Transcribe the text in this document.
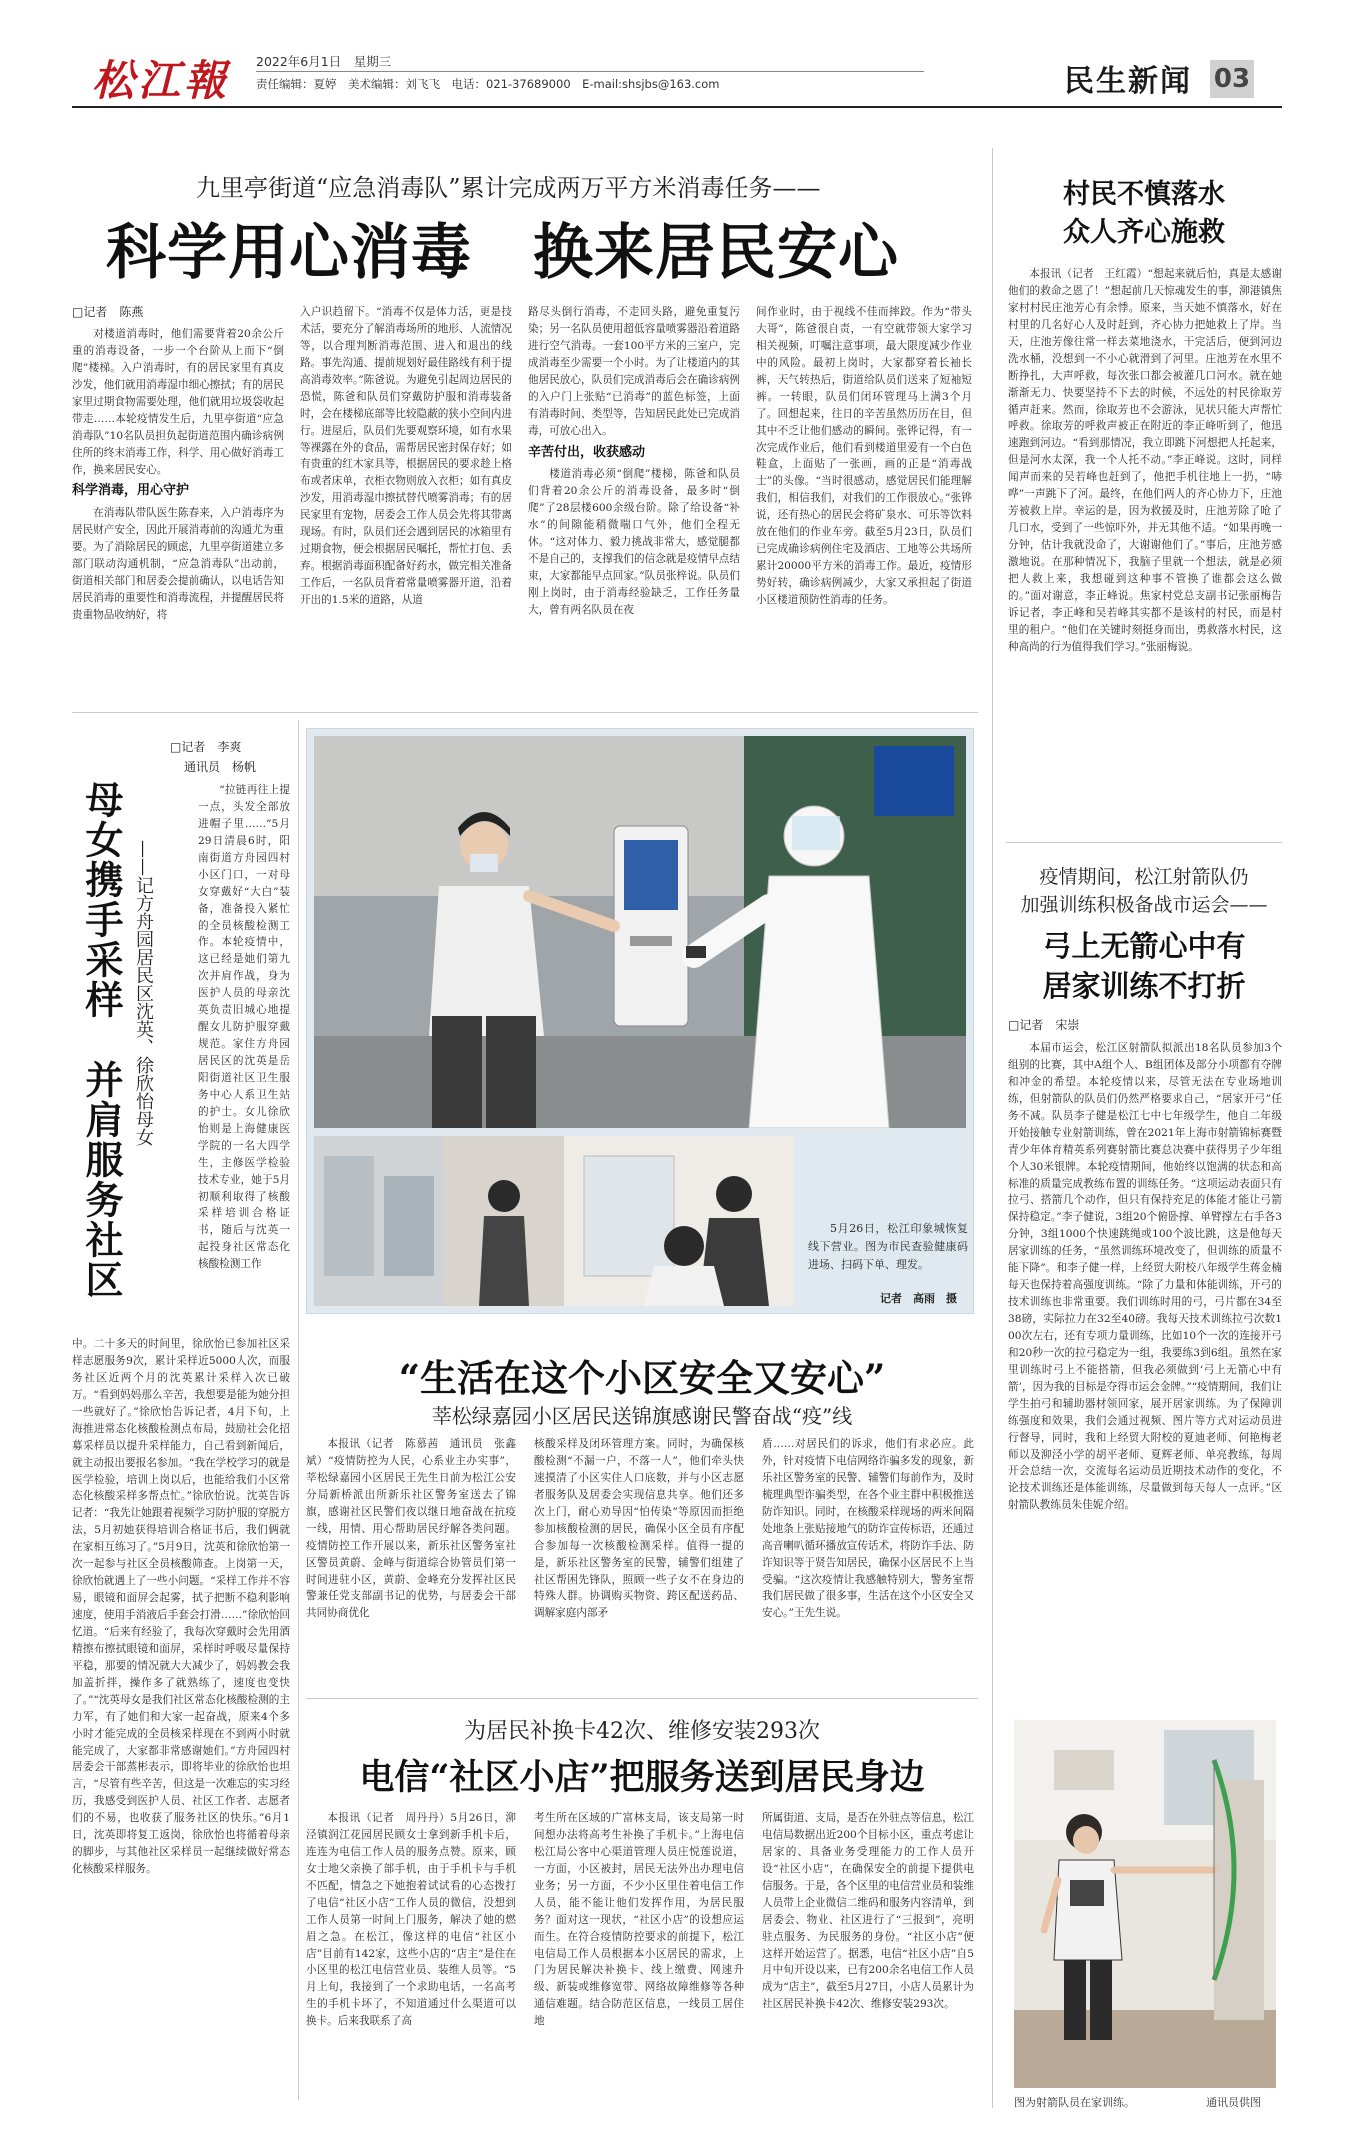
松江報 2022年6月1日　星期三
责任编辑：夏婷　美术编辑：刘飞飞　电话：021-37689000　E-mail:shsjbs@163.com	民生新闻 03
九里亭街道“应急消毒队”累计完成两万平方米消毒任务——
科学用心消毒　换来居民安心
□记者　陈燕

对楼道消毒时，他们需要背着20余公斤重的消毒设备，一步一个台阶从上而下“倒爬”楼梯。入户消毒时，有的居民家里有真皮沙发，他们就用消毒湿巾细心擦拭；有的居民家里过期食物需要处理，他们就用垃圾袋收起带走……本轮疫情发生后，九里亭街道“应急消毒队”10名队员担负起街道范围内确诊病例住所的终末消毒工作，科学、用心做好消毒工作，换来居民安心。

科学消毒，用心守护

在消毒队带队医生陈春来，入户消毒序为居民财产安全，因此开展消毒前的沟通尤为重要。为了消除居民的顾虑，九里亭街道建立多部门联动沟通机制，“应急消毒队”出动前，街道相关部门和居委会提前确认，以电话告知居民消毒的重要性和消毒流程，并提醒居民将贵重物品收纳好，将

入户识趋留下。“消毒不仅是体力活，更是技术活，要充分了解消毒场所的地形、人流情况等，以合理判断消毒范围、进入和退出的线路。事先沟通、提前规划好最佳路线有利于提高消毒效率。”陈爸说。为避免引起周边居民的恐慌，陈爸和队员们穿戴防护服和消毒装备时，会在楼梯底部等比较隐蔽的狭小空间内进行。进屋后，队员们先要观察环境，如有水果等裸露在外的食品，需帮居民密封保存好；如有贵重的红木家具等，根据居民的要求趁上格布或者床单，衣柜衣物则放入衣柜；如有真皮沙发，用消毒湿巾擦拭替代喷雾消毒；有的居民家里有宠物，居委会工作人员会先将其带离现场。有时，队员们还会遇到居民的冰箱里有过期食物，便会根据居民嘱托，帮忙打包、丢弃。根据消毒面积配备好药水，做完相关准备工作后，一名队员背着常量喷雾器开道，沿着开出的1.5米的道路，从道

路尽头倒行消毒，不走回头路，避免重复污染；另一名队员使用超低容量喷雾器沿着道路进行空气消毒。一套100平方米的三室户，完成消毒至少需要一个小时。为了让楼道内的其他居民放心，队员们完成消毒后会在确诊病例的入户门上张贴“已消毒”的蓝色标签，上面有消毒时间、类型等，告知居民此处已完成消毒，可放心出入。

辛苦付出，收获感动

楼道消毒必须“倒爬”楼梯，陈爸和队员们背着20余公斤的消毒设备，最多时“倒爬”了28层楼600余级台阶。除了给设备“补水”的间隙能稍微喘口气外，他们全程无休。“这对体力、毅力挑战非常大，感觉腿都不是自己的，支撑我们的信念就是疫情早点结束，大家都能早点回家。”队员张梓说。队员们刚上岗时，由于消毒经验缺乏，工作任务量大，曾有两名队员在夜

间作业时，由于视线不佳而摔跤。作为“带头大哥”，陈爸很自责，一有空就带领大家学习相关视频，叮嘱注意事项，最大限度减少作业中的风险。最初上岗时，大家都穿着长袖长裤，天气转热后，街道给队员们送来了短袖短裤。一转眼，队员们闭环管理马上满3个月了。回想起来，往日的辛苦虽然历历在目，但其中不乏让他们感动的瞬间。张铧记得，有一次完成作业后，他们看到楼道里爱有一个白色鞋盒，上面贴了一张画，画的正是“消毒战士”的头像。“当时很感动，感觉居民们能理解我们，相信我们，对我们的工作很放心。”张铧说，还有热心的居民会将矿泉水、可乐等饮料放在他们的作业车旁。截至5月23日，队员们已完成确诊病例住宅及酒店、工地等公共场所累计20000平方米的消毒工作。最近，疫情形势好转，确诊病例减少，大家又承担起了街道小区楼道预防性消毒的任务。

村民不慎落水
众人齐心施救

本报讯（记者　王红霞）“想起来就后怕，真是太感谢他们的救命之恩了！”想起前几天惊魂发生的事，泖港镇焦家村村民庄池芳心有余悸。原来，当天她不慎落水，好在村里的几名好心人及时赶到，齐心协力把她救上了岸。当天，庄池芳像往常一样去菜地浇水，干完活后，便到河边洗水桶，没想到一不小心就滑到了河里。庄池芳在水里不断挣扎，大声呼救，每次张口都会被灌几口河水。就在她渐渐无力、快要坚持不下去的时候，不远处的村民徐取芳循声赶来。然而，徐取芳也不会游泳，见状只能大声帮忙呼救。徐取芳的呼救声被正在附近的李正峰听到了，他迅速跑到河边。“看到那情况，我立即跳下河想把人托起来，但是河水太深，我一个人托不动。”李正峰说。这时，同样闻声而来的吴若峰也赶到了，他把手机往地上一扔，“哧哗”一声跳下了河。最终，在他们两人的齐心协力下，庄池芳被救上岸。幸运的是，因为救援及时，庄池芳除了呛了几口水，受到了一些惊吓外，并无其他不适。“如果再晚一分钟，估计我就没命了，大谢谢他们了。”事后，庄池芳感激地说。在那种情况下，我脑子里就一个想法，就是必须把人救上来，我想碰到这种事不管换了谁都会这么做的。”面对谢意，李正峰说。焦家村党总支副书记张丽梅告诉记者，李正峰和吴若峰其实都不是该村的村民，而是村里的租户。“他们在关键时刻挺身而出，勇救落水村民，这种高尚的行为值得我们学习。”张丽梅说。

疫情期间，松江射箭队仍
加强训练积极备战市运会——
弓上无箭心中有
居家训练不打折
□记者　宋崇

本届市运会，松江区射箭队拟派出18名队员参加3个组别的比赛，其中A组个人、B组团体及部分小项都有夺牌和冲金的希望。本轮疫情以来，尽管无法在专业场地训练，但射箭队的队员们仍然严格要求自己，“居家开弓”任务不减。队员李子健是松江七中七年级学生，他自二年级开始接触专业射箭训练，曾在2021年上海市射箭锦标赛暨青少年体育精英系列赛射箭比赛总决赛中获得男子少年组个人30米银牌。本轮疫情期间，他始终以饱满的状态和高标准的质量完成教练布置的训练任务。“这项运动表面只有拉弓、搭箭几个动作，但只有保持充足的体能才能让弓箭保持稳定。”李子健说，3组20个俯卧撑、单臂撑左右手各3分钟，3组1000个快速跳绳或100个波比跳，这是他每天居家训练的任务，“虽然训练环境改变了，但训练的质量不能下降”。和李子健一样，上经贸大附校八年级学生蒋金楠每天也保持着高强度训练。“除了力量和体能训练，开弓的技术训练也非常重要。我们训练时用的弓，弓片都在34至38磅，实际拉力在32至40磅。我每天技术训练拉弓次数100次左右，还有专项力量训练，比如10个一次的连接开弓和20秒一次的拉弓稳定为一组，我要练3到6组。虽然在家里训练时弓上不能搭箭，但我必须做到‘弓上无箭心中有箭’，因为我的目标是夺得市运会金牌。”“疫情期间，我们让学生拍弓和辅助器材领回家，展开居家训练。为了保障训练强度和效果，我们会通过视频、图片等方式对运动员进行督导，同时，我和上经贸大附校的夏迪老师、何艳梅老师以及泖泾小学的胡平老师、夏辉老师、单亮教练，每周开会总结一次，交流每名运动员近期技术动作的变化，不论技术训练还是体能训练，尽量做到每天每人一点评。”区射箭队教练员朱佳妮介绍。

图为射箭队员在家训练。	通讯员供图
□记者　李爽
通讯员　杨帆
母女携手采样　并肩服务社区 ——记方舟园居民区沈英、徐欣怡母女

“拉链再往上提一点，头发全部放进帽子里……”5月29日清晨6时，阳南街道方舟园四村小区门口，一对母女穿戴好“大白”装备，准备投入紧忙的全员核酸检测工作。本轮疫情中，这已经是她们第九次并肩作战，身为医护人员的母亲沈英负责旧城心地提醒女儿防护服穿戴规范。家住方舟园居民区的沈英是岳阳街道社区卫生服务中心人系卫生站的护士。女儿徐欣怡则是上海健康医学院的一名大四学生，主修医学检验技术专业，她于5月初顺利取得了核酸采样培训合格证书，随后与沈英一起投身社区常态化核酸检测工作

中。二十多天的时间里，徐欣怡已参加社区采样志愿服务9次，累计采样近5000人次，而服务社区近两个月的沈英累计采样入次已破万。“看到妈妈那么辛苦，我想要是能为她分担一些就好了。”徐欣怡告诉记者，4月下旬，上海推进常态化核酸检测点布局，鼓励社会化招募采样员以提升采样能力，自己看到新闻后，就主动报出要报名参加。“我在学校学习的就是医学检验，培训上岗以后，也能给我们小区常态化核酸采样多帮点忙。”徐欣怡说。沈英告诉记者：“我先让她跟着视频学习防护服的穿脱方法，5月初她获得培训合格证书后，我们俩就在家相互练习了。”5月9日，沈英和徐欣怡第一次一起参与社区全员核酸筛查。上岗第一天，徐欣怡就遇上了一些小问题。“采样工作并不容易，眼镜和面屏会起雾，拭子把断不稳利影响速度，使用手消液后手套会打滑……”徐欣怡回忆道。“后来有经验了，我每次穿戴时会先用酒精擦布擦拭眼镜和面屏，采样时呼吸尽量保持平稳，那要的情况就大大减少了，妈妈教会我加盖折拌，操作多了就熟练了，速度也变快了。”“沈英母女是我们社区常态化核酸检测的主力军，有了她们和大家一起奋战，原来4个多小时才能完成的全员核采样现在不到两小时就能完成了，大家都非常感谢她们。”方舟园四村居委会干部蒸彬表示，即将毕业的徐欣怡也坦言，“尽管有些辛苦，但这是一次难忘的实习经历，我感受到医护人员、社区工作者、志愿者们的不易，也收获了服务社区的快乐。”6月1日，沈英即将复工返岗，徐欣怡也将循着母亲的脚步，与其他社区采样员一起继续做好常态化核酸采样服务。

5月26日，松江印象城恢复线下营业。图为市民查验健康码进场、扫码下单、理发。

记者　高雨　摄
“生活在这个小区安全又安心”
莘松绿嘉园小区居民送锦旗感谢民警奋战“疫”线

本报讯（记者　陈慕茜　通讯员　张鑫斌）“疫情防控为人民，心系业主办实事”，莘松绿嘉园小区居民王先生日前为松江公安分局新桥派出所新乐社区警务室送去了锦旗，感谢社区民警们夜以继日地奋战在抗疫一线，用情、用心帮助居民纾解各类问题。疫情防控工作开展以来，新乐社区警务室社区警员黄蔚、金峰与街道综合协管员们第一时间进驻小区，黄蔚、金峰充分发挥社区民警兼任党支部副书记的优势，与居委会干部共同协商优化

核酸采样及闭环管理方案。同时，为确保核酸检测“不漏一户，不落一人”，他们牵头快速摸清了小区实住人口底数，并与小区志愿者服务队及居委会实现信息共享。他们还多次上门，耐心劝导因“怕传染”等原因而拒绝参加核酸检测的居民，确保小区全员有序配合参加每一次核酸检测采样。值得一提的是，新乐社区警务室的民警，辅警们组建了社区帮困先锋队，照顾一些子女不在身边的特殊人群。协调购买物资、跨区配送药品、调解家庭内部矛

盾……对居民们的诉求，他们有求必应。此外，针对疫情下电信网络诈骗多发的现象，新乐社区警务室的民警、辅警们每前作为，及时梳理典型诈骗类型，在各个业主群中积极推送防诈知识。同时，在核酸采样现场的两米间隔处地条上张贴接地气的防诈宣传标语，还通过高音喇叭循环播放宣传话术，将防诈手法、防诈知识等于贤告知居民，确保小区居民不上当受骗。“这次疫情让我感触特别大，警务室帮我们居民做了很多事，生活在这个小区安全又安心。”王先生说。

为居民补换卡42次、维修安装293次
电信“社区小店”把服务送到居民身边

本报讯（记者　周丹丹）5月26日，泖泾镇润江花园居民顾女士拿到新手机卡后，连连为电信工作人员的服务点赞。原来，顾女士地父亲换了部手机，由于手机卡与手机不匹配，情急之下她抱着试试看的心态拨打了电信“社区小店”工作人员的微信，没想到工作人员第一时间上门服务，解决了她的燃眉之急。在松江，像这样的电信“社区小店”目前有142家，这些小店的“店主”是住在小区里的松江电信营业员、装维人员等。“5月上旬，我接到了一个求助电话，一名高考生的手机卡坏了，不知道通过什么渠道可以换卡。后来我联系了高

考生所在区域的广富林支局，该支局第一时间想办法将高考生补换了手机卡。”上海电信松江局公客中心渠道管理人员庄悦莲说道，一方面，小区被封，居民无法外出办理电信业务；另一方面，不少小区里住着电信工作人员，能不能让他们发挥作用，为居民服务？面对这一现状，“社区小店”的设想应运而生。在符合疫情防控要求的前提下，松江电信局工作人员根据本小区居民的需求，上门为居民解决补换卡、线上缴费、网速升级、新装或维修宽带、网络故障维修等各种通信难题。结合防范区信息，一线员工居住地

所属街道、支局，是否在外驻点等信息，松江电信局数据出近200个目标小区，重点考虑让居家的、具备业务受理能力的工作人员开设“社区小店”，在确保安全的前提下提供电信服务。于是，各个区里的电信营业员和装维人员带上企业微信二维码和服务内容清单，到居委会、物业、社区进行了“三报到”，亮明驻点服务、为民服务的身份。“社区小店”便这样开始运营了。据悉，电信“社区小店”自5月中旬开设以来，已有200余名电信工作人员成为“店主”，截至5月27日，小店人员累计为社区居民补换卡42次、维修安装293次。
